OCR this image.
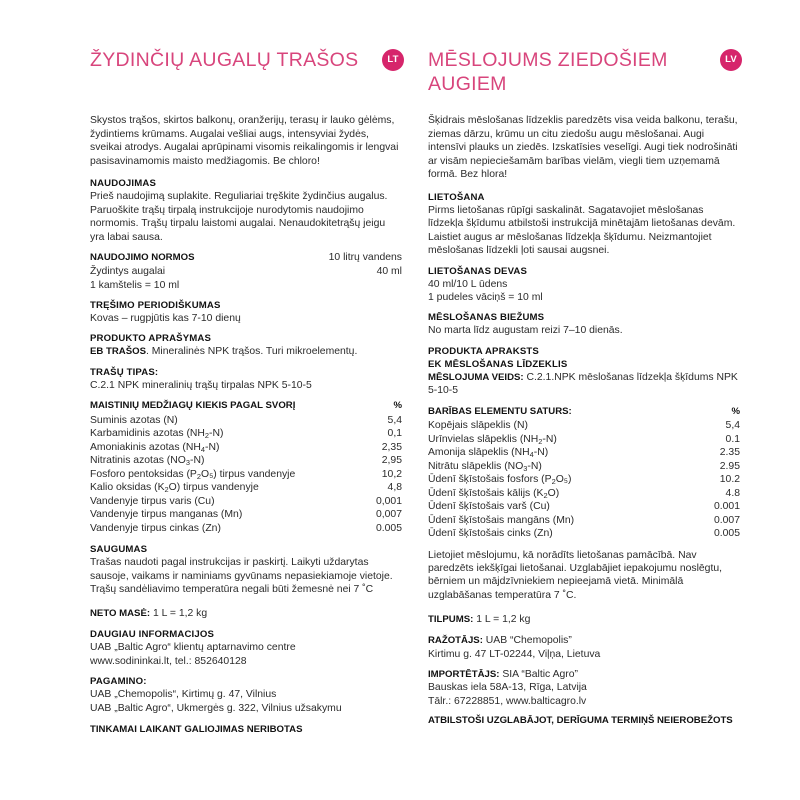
ŽYDINČIŲ AUGALŲ TRAŠOS	LT

Skystos trąšos, skirtos balkonų, oranžerijų, terasų ir lauko gėlėms, žydintiems krūmams. Augalai vešliai augs, intensyviai žydės, sveikai atrodys. Augalai aprūpinami visomis reikalingomis ir lengvai pasisavinamomis maisto medžiagomis. Be chloro!

NAUDOJIMAS

Prieš naudojimą suplakite. Reguliariai tręškite žydinčius augalus. Paruoškite trąšų tirpalą instrukcijoje nurodytomis naudojimo normomis. Trąšų tirpalu laistomi augalai. Nenaudokitetrąšų jeigu yra labai sausa.

NAUDOJIMO NORMOS	10 litrų vandens
Žydintys augalai	40 ml
1 kamštelis = 10 ml
TRĘŠIMO PERIODIŠKUMAS
Kovas – rugpjūtis kas 7-10 dienų
PRODUKTO APRAŠYMAS
EB TRAŠOS. Mineralinės NPK trąšos. Turi mikroelementų.
TRAŠŲ TIPAS:
C.2.1 NPK mineralinių trąšų tirpalas NPK 5-10-5
MAISTINIŲ MEDŽIAGŲ KIEKIS PAGAL SVORĮ	%
Suminis azotas (N)	5,4
Karbamidinis azotas $(NH_2-N)$	0,1
Amoniakinis azotas $(NH_4-N)$	2,35
Nitratinis azotas $(NO_3-N)$	2,95
Fosforo pentoksidas $(P_2O_5)$ tirpus vandenyje	10,2
Kalio oksidas $(K_2O)$ tirpus vandenyje	4,8
Vandenyje tirpus varis (Cu)	0,001
Vandenyje tirpus manganas (Mn)	0,007
Vandenyje tirpus cinkas (Zn)	0.005
SAUGUMAS

Trašas naudoti pagal instrukcijas ir paskirtį. Laikyti uždarytas sausoje, vaikams ir naminiams gyvūnams nepasiekiamoje vietoje. Trąšų sandėliavimo temperatūra negali būti žemesnė nei 7 ˚C

NETO MASĖ: 1 L = 1,2 kg
DAUGIAU INFORMACIJOS
UAB „Baltic Agro“ klientų aptarnavimo centre
www.sodininkai.lt, tel.: 852640128
PAGAMINO:
UAB „Chemopolis“, Kirtimų g. 47, Vilnius
UAB „Baltic Agro“, Ukmergės g. 322, Vilnius užsakymu
TINKAMAI LAIKANT GALIOJIMAS NERIBOTAS
MĒSLOJUMS ZIEDOŠIEM AUGIEM
LV

Šķidrais mēslošanas līdzeklis paredzēts visa veida balkonu, terašu, ziemas dārzu, krūmu un citu ziedošu augu mēslošanai. Augi intensīvi plauks un ziedēs. Izskatīsies veselīgi. Augi tiek nodrošināti ar visām nepieciešamām barības vielām, viegli tiem uzņemamā formā. Bez hlora!

LIETOŠANA

Pirms lietošanas rūpīgi saskalināt. Sagatavojiet mēslošanas līdzekļa šķīdumu atbilstoši instrukcijā minētajām lietošanas devām. Laistiet augus ar mēslošanas līdzekļa šķīdumu. Neizmantojiet mēslošanas līdzekli ļoti sausai augsnei.

LIETOŠANAS DEVAS
40 ml/10 L ūdens
1 pudeles vāciņš = 10 ml
MĒSLOŠANAS BIEŽUMS
No marta līdz augustam reizi 7–10 dienās.
PRODUKTA APRAKSTS
EK MĒSLOŠANAS LĪDZEKLIS
MĒSLOJUMA VEIDS: C.2.1.NPK mēslošanas līdzekļa šķīdums NPK 5-10-5
BARĪBAS ELEMENTU SATURS:	%
Kopējais slāpeklis (N)	5,4
Urīnvielas slāpeklis $(NH_2-N)$	0.1
Amonija slāpeklis $(NH_4-N)$	2.35
Nitrātu slāpeklis $(NO_3-N)$	2.95
Ūdenī šķīstošais fosfors $(P_2O_5)$	10.2
Ūdenī šķīstošais kālijs $(K_2O)$	4.8
Ūdenī šķīstošais varš (Cu)	0.001
Ūdenī šķīstošais mangāns (Mn)	0.007
Ūdenī šķīstošais cinks (Zn)	0.005

Lietojiet mēslojumu, kā norādīts lietošanas pamācībā. Nav paredzēts iekšķīgai lietošanai. Uzglabājiet iepakojumu noslēgtu, bērniem un mājdzīvniekiem nepieejamā vietā. Minimālā uzglabāšanas temperatūra 7 ˚C.

TILPUMS: 1 L = 1,2 kg
RAŽOTĀJS: UAB “Chemopolis”
Kirtimu g. 47 LT-02244, Viļņa, Lietuva
IMPORTĒTĀJS: SIA “Baltic Agro”
Bauskas iela 58A-13, Rīga, Latvija
Tālr.: 67228851, www.balticagro.lv
ATBILSTOŠI UZGLABĀJOT, DERĪGUMA TERMIŅŠ NEIEROBEŽOTS
